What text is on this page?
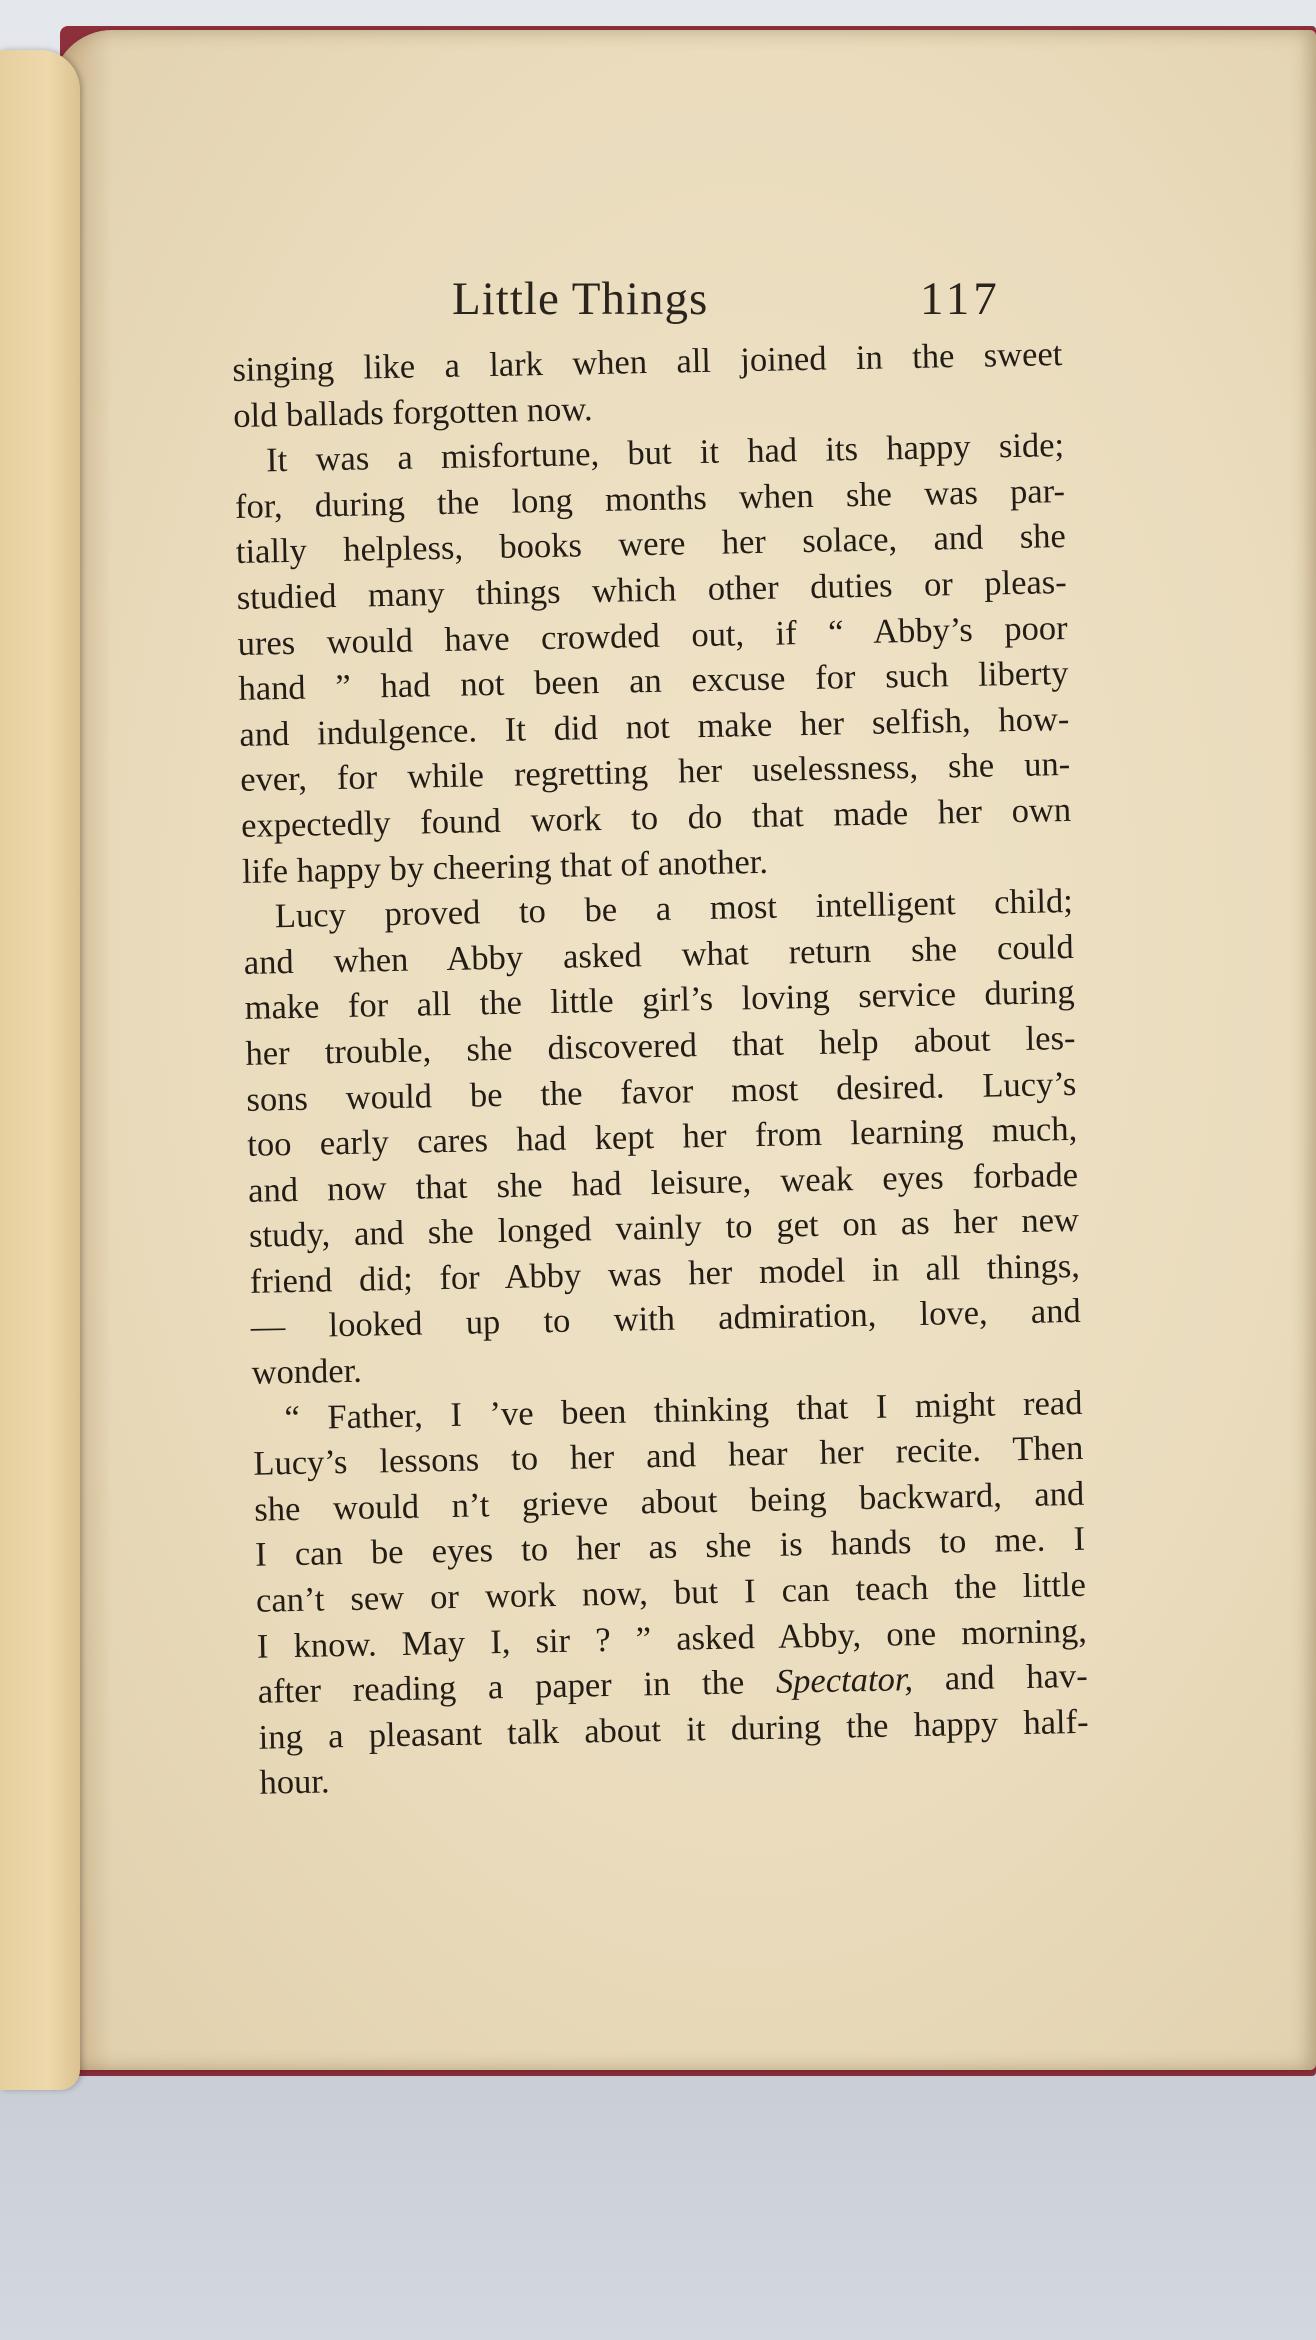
Little Things	117
singing like a lark when all joined in the sweet
old ballads forgotten now.
It was a misfortune, but it had its happy side;
for, during the long months when she was par-
tially helpless, books were her solace, and she
studied many things which other duties or pleas-
ures would have crowded out, if “ Abby’s poor
hand ” had not been an excuse for such liberty
and indulgence. It did not make her selfish, how-
ever, for while regretting her uselessness, she un-
expectedly found work to do that made her own
life happy by cheering that of another.
Lucy proved to be a most intelligent child;
and when Abby asked what return she could
make for all the little girl’s loving service during
her trouble, she discovered that help about les-
sons would be the favor most desired. Lucy’s
too early cares had kept her from learning much,
and now that she had leisure, weak eyes forbade
study, and she longed vainly to get on as her new
friend did; for Abby was her model in all things,
— looked up to with admiration, love, and
wonder.
“ Father, I ’ve been thinking that I might read
Lucy’s lessons to her and hear her recite. Then
she would n’t grieve about being backward, and
I can be eyes to her as she is hands to me. I
can’t sew or work now, but I can teach the little
I know. May I, sir ? ” asked Abby, one morning,
after reading a paper in the Spectator, and hav-
ing a pleasant talk about it during the happy half-
hour.
